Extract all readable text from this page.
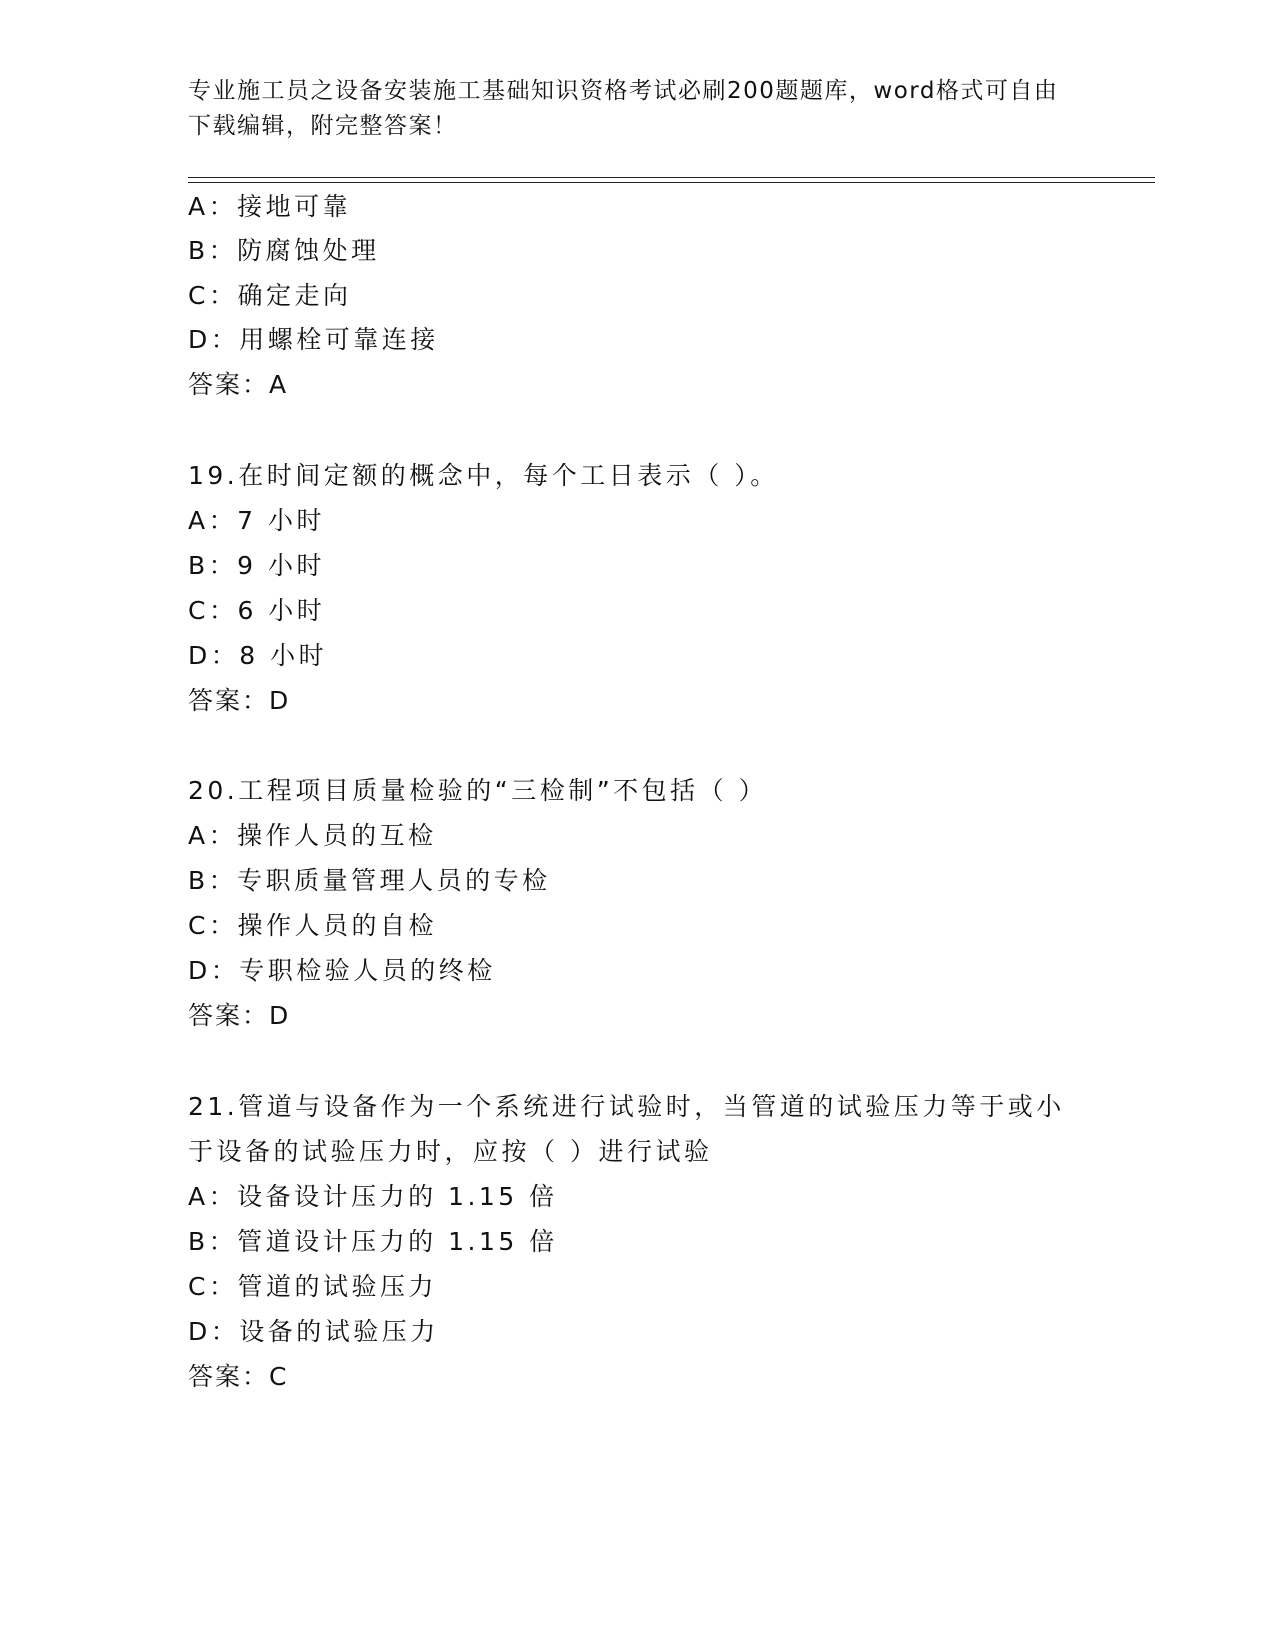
专业施工员之设备安装施工基础知识资格考试必刷200题题库，word格式可自由
下载编辑，附完整答案！
A：接地可靠
B：防腐蚀处理
C：确定走向
D：用螺栓可靠连接
答案：A
19.在时间定额的概念中，每个工日表示（ ）。
A：7 小时
B：9 小时
C：6 小时
D：8 小时
答案：D
20.工程项目质量检验的“三检制”不包括（ ）
A：操作人员的互检
B：专职质量管理人员的专检
C：操作人员的自检
D：专职检验人员的终检
答案：D
21.管道与设备作为一个系统进行试验时，当管道的试验压力等于或小
于设备的试验压力时，应按（ ）进行试验
A：设备设计压力的 1.15 倍
B：管道设计压力的 1.15 倍
C：管道的试验压力
D：设备的试验压力
答案：C
